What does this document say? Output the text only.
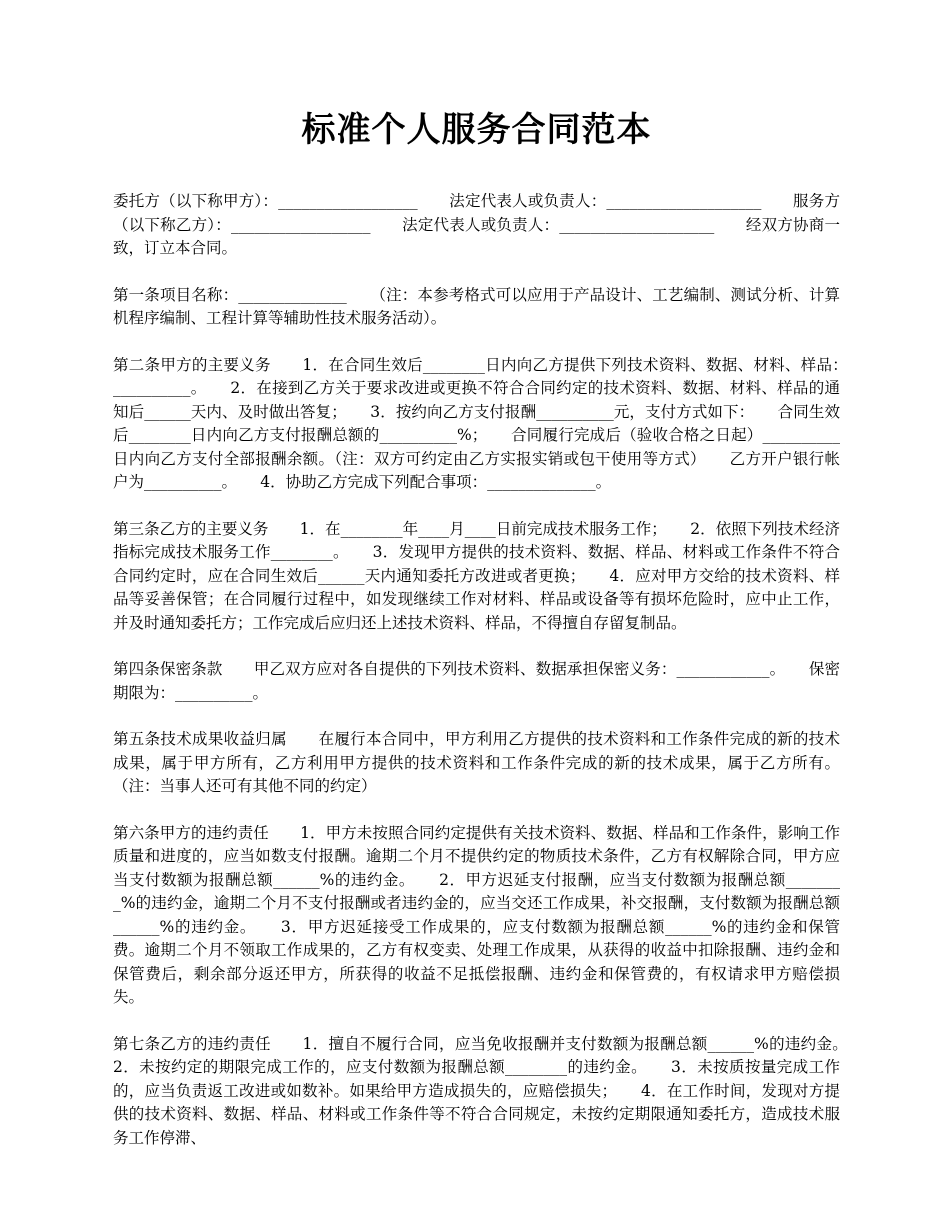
标准个人服务合同范本

委托方（以下称甲方）：__________________　　法定代表人或负责人：____________________　　服务方（以下称乙方）：__________________　　法定代表人或负责人：____________________　　经双方协商一致，订立本合同。

第一条项目名称：______________　　（注：本参考格式可以应用于产品设计、工艺编制、测试分析、计算机程序编制、工程计算等辅助性技术服务活动）。

第二条甲方的主要义务　　1．在合同生效后________日内向乙方提供下列技术资料、数据、材料、样品：　　__________。　　2．在接到乙方关于要求改进或更换不符合合同约定的技术资料、数据、材料、样品的通知后______天内、及时做出答复；　　3．按约向乙方支付报酬__________元，支付方式如下：　　合同生效后________日内向乙方支付报酬总额的__________%；　　合同履行完成后（验收合格之日起）__________日内向乙方支付全部报酬余额。（注：双方可约定由乙方实报实销或包干使用等方式）　　乙方开户银行帐户为__________。　　4．协助乙方完成下列配合事项：______________。

第三条乙方的主要义务　　1．在________年____月____日前完成技术服务工作；　　2．依照下列技术经济指标完成技术服务工作________。　　3．发现甲方提供的技术资料、数据、样品、材料或工作条件不符合合同约定时，应在合同生效后______天内通知委托方改进或者更换；　　4．应对甲方交给的技术资料、样品等妥善保管；在合同履行过程中，如发现继续工作对材料、样品或设备等有损坏危险时，应中止工作，并及时通知委托方；工作完成后应归还上述技术资料、样品，不得擅自存留复制品。

第四条保密条款　　甲乙双方应对各自提供的下列技术资料、数据承担保密义务：____________。　　保密期限为：__________。

第五条技术成果收益归属　　在履行本合同中，甲方利用乙方提供的技术资料和工作条件完成的新的技术成果，属于甲方所有，乙方利用甲方提供的技术资料和工作条件完成的新的技术成果，属于乙方所有。（注：当事人还可有其他不同的约定）

第六条甲方的违约责任　　1．甲方未按照合同约定提供有关技术资料、数据、样品和工作条件，影响工作质量和进度的，应当如数支付报酬。逾期二个月不提供约定的物质技术条件，乙方有权解除合同，甲方应当支付数额为报酬总额______%的违约金。　　2．甲方迟延支付报酬，应当支付数额为报酬总额________%的违约金，逾期二个月不支付报酬或者违约金的，应当交还工作成果，补交报酬，支付数额为报酬总额______%的违约金。　　3．甲方迟延接受工作成果的，应支付数额为报酬总额______%的违约金和保管费。逾期二个月不领取工作成果的，乙方有权变卖、处理工作成果，从获得的收益中扣除报酬、违约金和保管费后，剩余部分返还甲方，所获得的收益不足抵偿报酬、违约金和保管费的，有权请求甲方赔偿损失。

第七条乙方的违约责任　　1．擅自不履行合同，应当免收报酬并支付数额为报酬总额______%的违约金。　　2．未按约定的期限完成工作的，应支付数额为报酬总额________的违约金。　　3．未按质按量完成工作的，应当负责返工改进或如数补。如果给甲方造成损失的，应赔偿损失；　　4．在工作时间，发现对方提供的技术资料、数据、样品、材料或工作条件等不符合合同规定，未按约定期限通知委托方，造成技术服务工作停滞、
